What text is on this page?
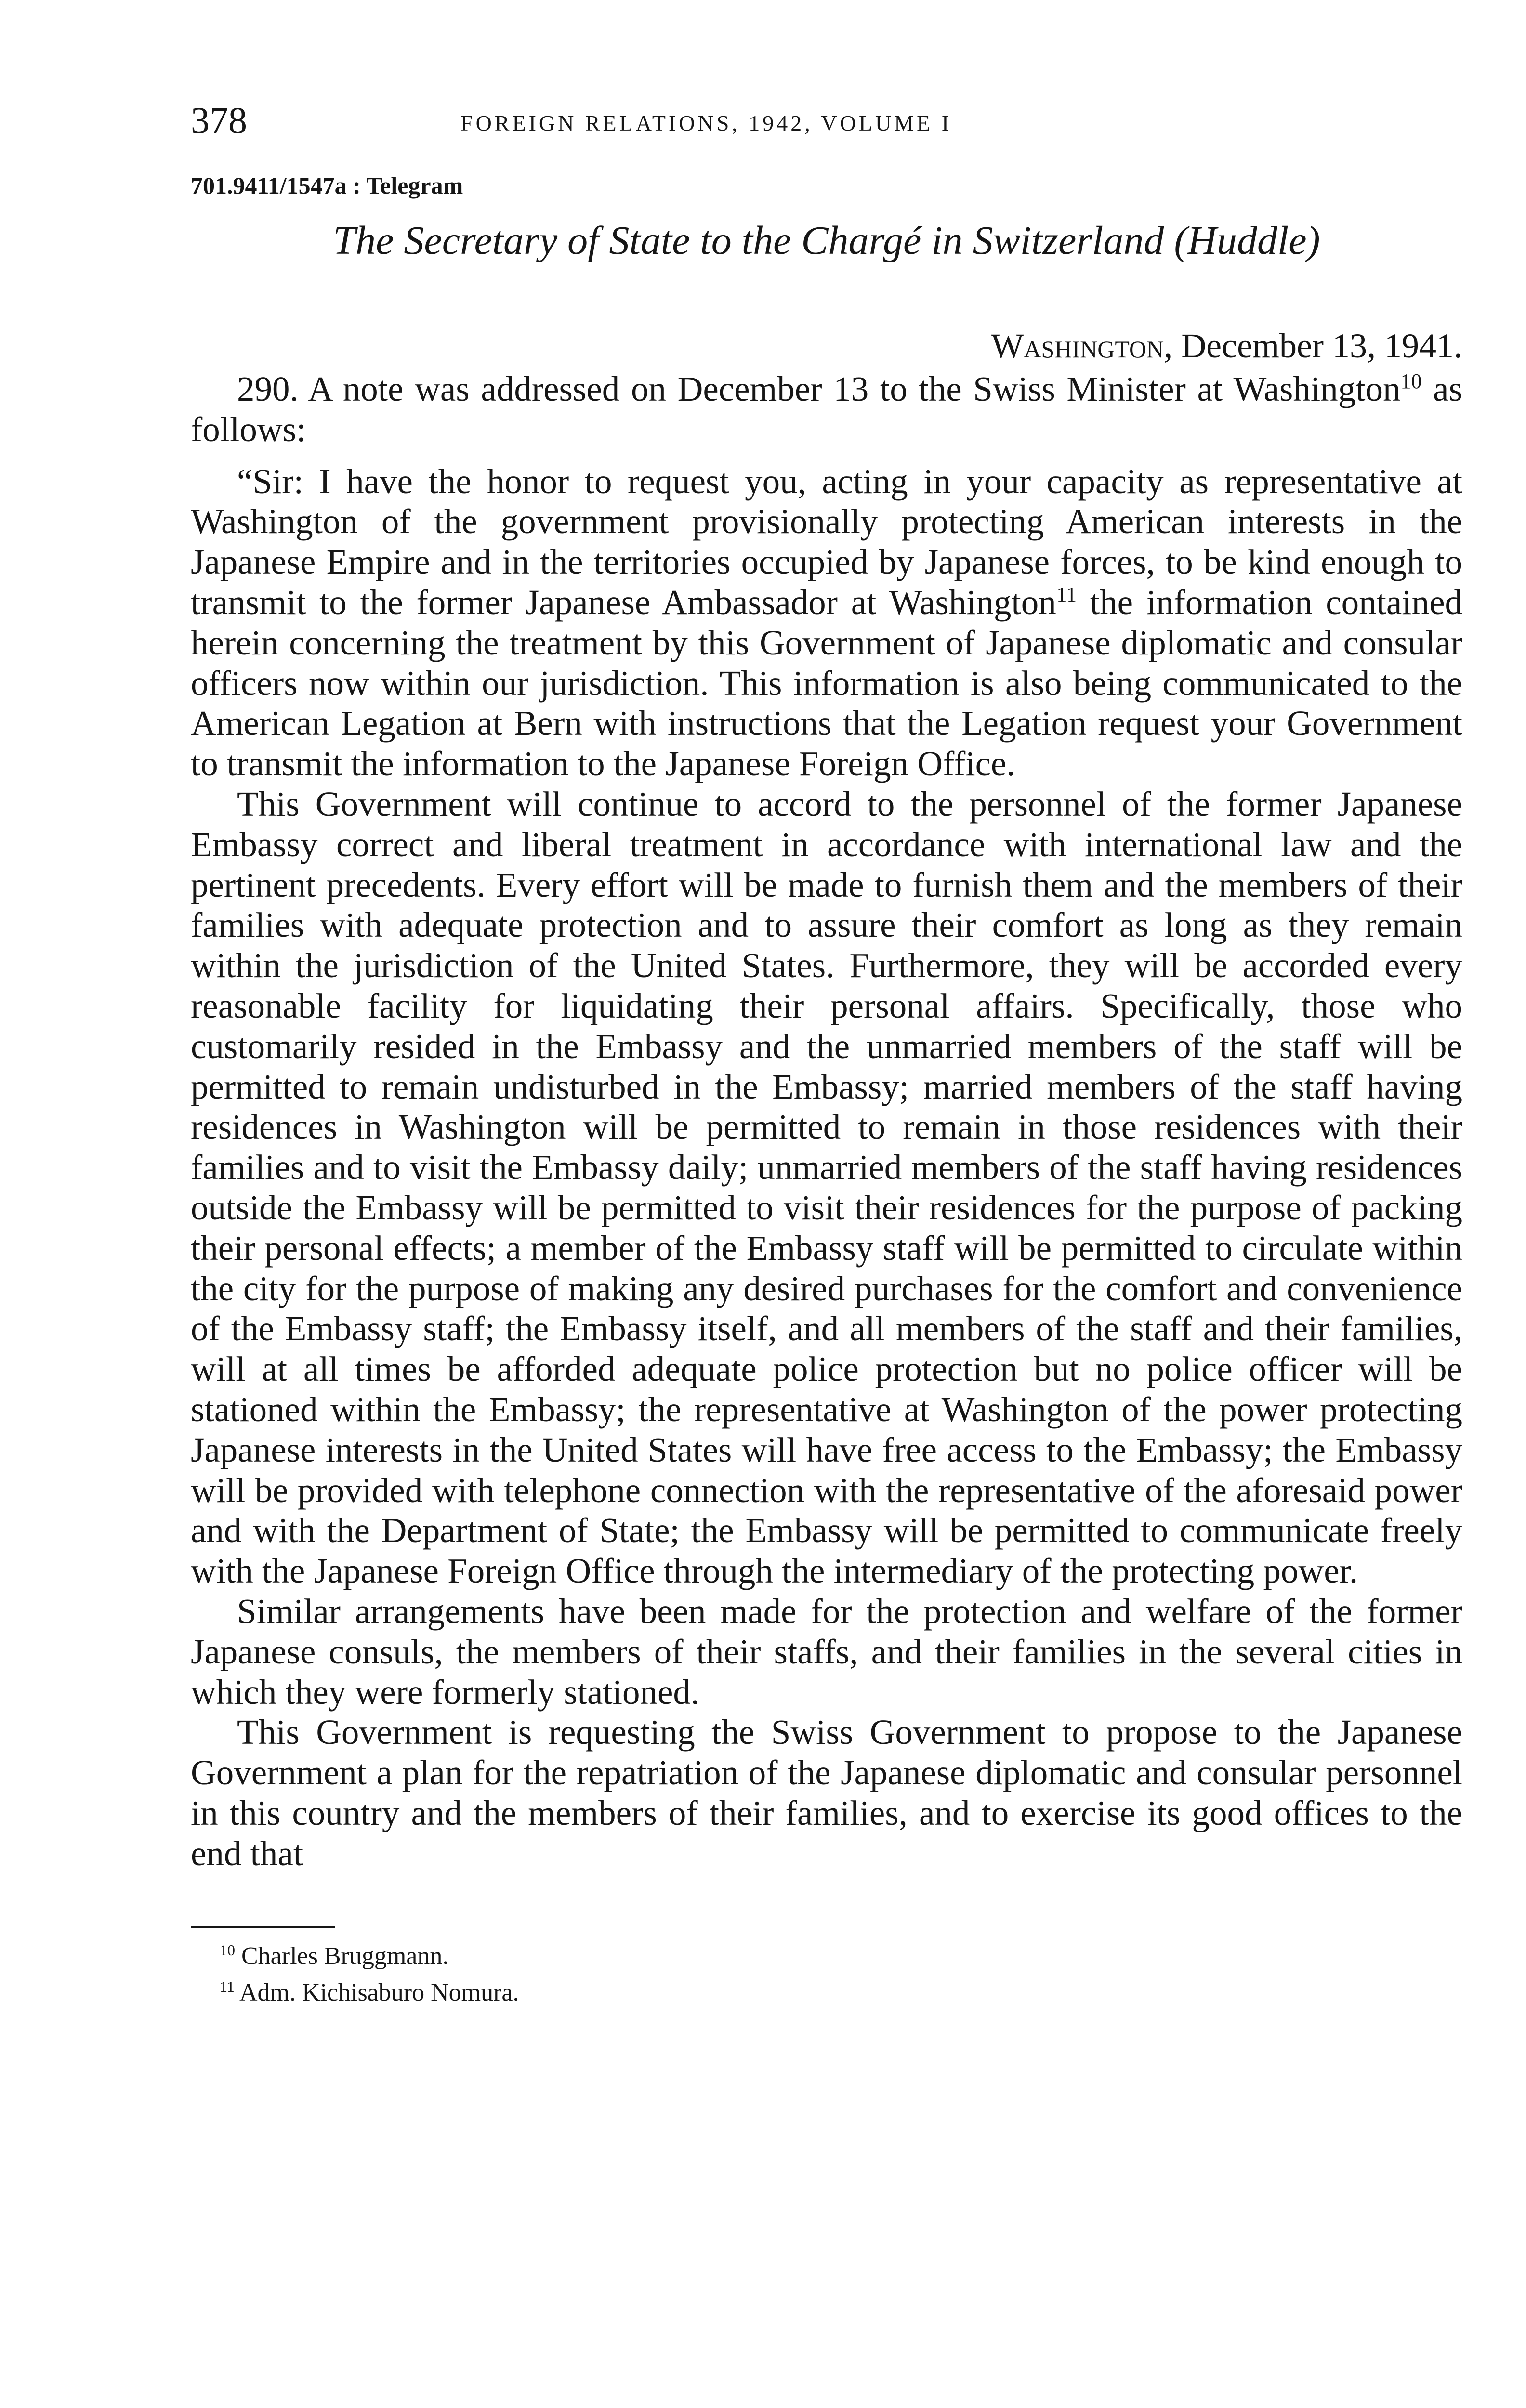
378	FOREIGN RELATIONS, 1942, VOLUME I
701.9411/1547a : Telegram
The Secretary of State to the Chargé in Switzerland (Huddle)
Washington, December 13, 1941.

290. A note was addressed on December 13 to the Swiss Minister at Washington$^{10}$ as follows:

“Sir: I have the honor to request you, acting in your capacity as representative at Washington of the government provisionally protecting American interests in the Japanese Empire and in the territories occupied by Japanese forces, to be kind enough to transmit to the former Japanese Ambassador at Washington$^{11}$ the information contained herein concerning the treatment by this Government of Japanese diplomatic and consular officers now within our jurisdiction. This information is also being communicated to the American Legation at Bern with instructions that the Legation request your Government to transmit the information to the Japanese Foreign Office.

This Government will continue to accord to the personnel of the former Japanese Embassy correct and liberal treatment in accordance with international law and the pertinent precedents. Every effort will be made to furnish them and the members of their families with adequate protection and to assure their comfort as long as they remain within the jurisdiction of the United States. Furthermore, they will be accorded every reasonable facility for liquidating their personal affairs. Specifically, those who customarily resided in the Embassy and the unmarried members of the staff will be permitted to remain undisturbed in the Embassy; married members of the staff having residences in Washington will be permitted to remain in those residences with their families and to visit the Embassy daily; unmarried members of the staff having residences outside the Embassy will be permitted to visit their residences for the purpose of packing their personal effects; a member of the Embassy staff will be permitted to circulate within the city for the purpose of making any desired purchases for the comfort and convenience of the Embassy staff; the Embassy itself, and all members of the staff and their families, will at all times be afforded adequate police protection but no police officer will be stationed within the Embassy; the representative at Washington of the power protecting Japanese interests in the United States will have free access to the Embassy; the Embassy will be provided with telephone connection with the representative of the aforesaid power and with the Department of State; the Embassy will be permitted to communicate freely with the Japanese Foreign Office through the intermediary of the protecting power.

Similar arrangements have been made for the protection and welfare of the former Japanese consuls, the members of their staffs, and their families in the several cities in which they were formerly stationed.

This Government is requesting the Swiss Government to propose to the Japanese Government a plan for the repatriation of the Japanese diplomatic and consular personnel in this country and the members of their families, and to exercise its good offices to the end that

$^{10}$ Charles Bruggmann.
$^{11}$ Adm. Kichisaburo Nomura.
